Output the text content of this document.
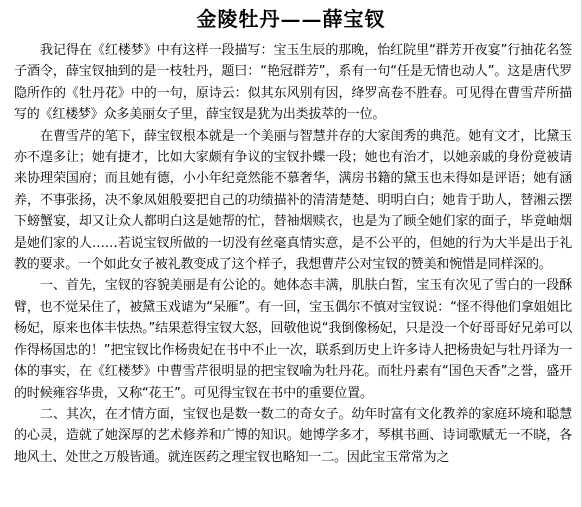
金陵牡丹——薛宝钗

我记得在《红楼梦》中有这样一段描写：宝玉生辰的那晚，怡红院里“群芳开夜宴”行抽花名签子酒令，薛宝钗抽到的是一枝牡丹，题曰：“艳冠群芳”，系有一句“任是无情也动人”。这是唐代罗隐所作的《牡丹花》中的一句，原诗云：似其东风别有因，绛罗高卷不胜春。可见得在曹雪芹所描写的《红楼梦》众多美丽女子里，薛宝钗是犹为出类拔萃的一位。

在曹雪芹的笔下，薛宝钗根本就是一个美丽与智慧并存的大家闺秀的典范。她有文才，比黛玉亦不遑多让；她有捷才，比如大家颇有争议的宝钗扑蝶一段；她也有治才，以她亲戚的身份竟被请来协理荣国府；而且她有德，小小年纪竟然能不慕奢华，满房书籍的黛玉也未得如是评语；她有涵养，不事张扬，决不象凤姐般要把自己的功绩描补的清清楚楚、明明白白；她肯于助人，替湘云摆下螃蟹宴，却又让众人都明白这是她帮的忙，替袖烟赎衣，也是为了顾全她们家的面子，毕竟岫烟是她们家的人……若说宝钗所做的一切没有丝毫真情实意，是不公平的，但她的行为大半是出于礼教的要求。一个如此女子被礼教变成了这个样子，我想曹芹公对宝钗的赞美和惋惜是同样深的。

一、首先，宝钗的容貌美丽是有公论的。她体态丰满，肌肤白皙，宝玉有次见了雪白的一段酥臂，也不觉呆住了，被黛玉戏谑为“呆雁”。有一回，宝玉偶尔不慎对宝钗说：“怪不得他们拿姐姐比杨妃，原来也体丰怯热。”结果惹得宝钗大怒，回敬他说“我倒像杨妃，只是没一个好哥哥好兄弟可以作得杨国忠的！”把宝钗比作杨贵妃在书中不止一次，联系到历史上许多诗人把杨贵妃与牡丹译为一体的事实，在《红楼梦》中曹雪芹很明显的把宝钗喻为牡丹花。而牡丹素有“国色天香”之誉，盛开的时候雍容华贵，又称“花王”。可见得宝钗在书中的重要位置。

二、其次，在才情方面，宝钗也是数一数二的奇女子。幼年时富有文化教养的家庭环境和聪慧的心灵，造就了她深厚的艺术修养和广博的知识。她博学多才，琴棋书画、诗词歌赋无一不晓，各地风土、处世之万般皆通。就连医药之理宝钗也略知一二。因此宝玉常常为之
